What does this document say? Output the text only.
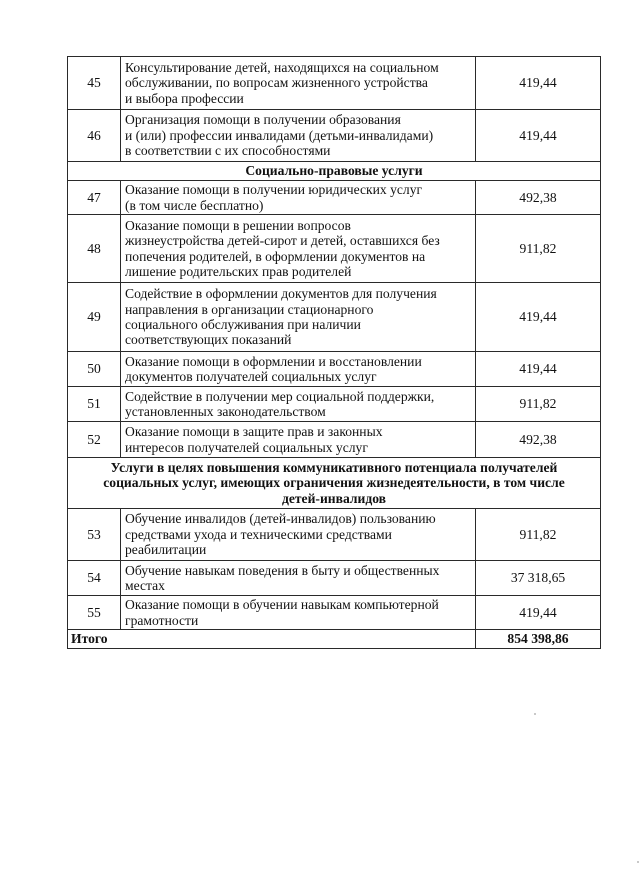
45	Консультирование детей, находящихся на социальном
обслуживании, по вопросам жизненного устройства
и выбора профессии	419,44
46	Организация помощи в получении образования
и (или) профессии инвалидами (детьми-инвалидами)
в соответствии с их способностями	419,44
Социально-правовые услуги		
47	Оказание помощи в получении юридических услуг
(в том числе бесплатно)	492,38
48	Оказание помощи в решении вопросов
жизнеустройства детей-сирот и детей, оставшихся без
попечения родителей, в оформлении документов на
лишение родительских прав родителей	911,82
49	Содействие в оформлении документов для получения
направления в организации стационарного
социального обслуживания при наличии
соответствующих показаний	419,44
50	Оказание помощи в оформлении и восстановлении
документов получателей социальных услуг	419,44
51	Содействие в получении мер социальной поддержки,
установленных законодательством	911,82
52	Оказание помощи в защите прав и законных
интересов получателей социальных услуг	492,38
Услуги в целях повышения коммуникативного потенциала получателей
социальных услуг, имеющих ограничения жизнедеятельности, в том числе
детей-инвалидов		
53	Обучение инвалидов (детей-инвалидов) пользованию
средствами ухода и техническими средствами
реабилитации	911,82
54	Обучение навыкам поведения в быту и общественных
местах	37 318,65
55	Оказание помощи в обучении навыкам компьютерной
грамотности	419,44
Итого		854 398,86
